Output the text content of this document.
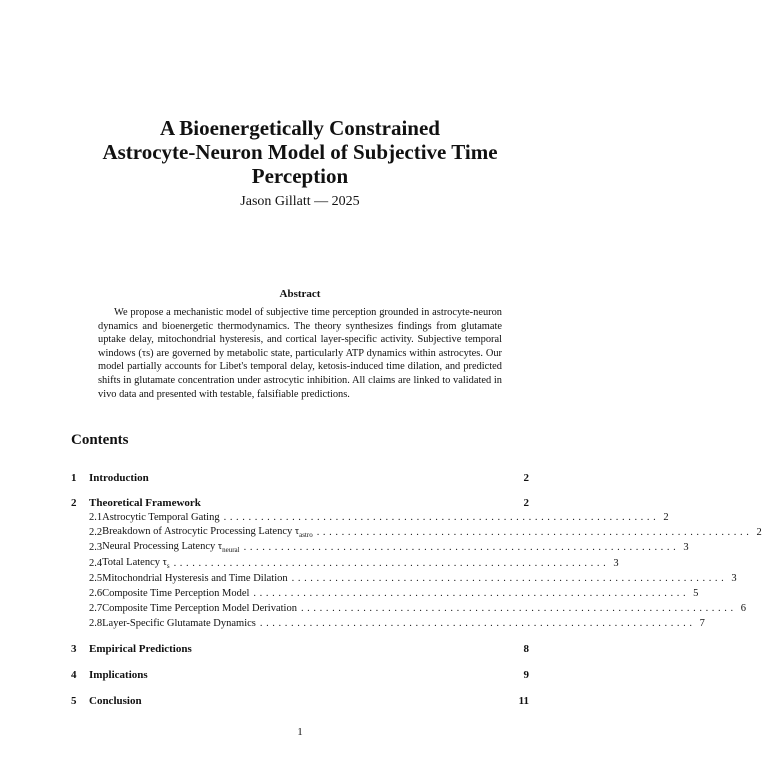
A Bioenergetically Constrained
Astrocyte-Neuron Model of Subjective Time
Perception
Jason Gillatt — 2025
Abstract
We propose a mechanistic model of subjective time perception grounded in astrocyte-neuron dynamics and bioenergetic thermodynamics. The theory synthesizes findings from glutamate uptake delay, mitochondrial hysteresis, and cortical layer-specific activity. Subjective temporal windows (τs) are governed by metabolic state, particularly ATP dynamics within astrocytes. Our model partially accounts for Libet's temporal delay, ketosis-induced time dilation, and predicted shifts in glutamate concentration under astrocytic inhibition. All claims are linked to validated in vivo data and presented with testable, falsifiable predictions.
Contents
1	Introduction	2
2	Theoretical Framework	2
2.1 Astrocytic Temporal Gating ...................................................................... 2
2.2 Breakdown of Astrocytic Processing Latency $\tau_{astro}$ ...................................................................... 2
2.3 Neural Processing Latency $\tau_{neural}$ ...................................................................... 3
2.4 Total Latency $\tau_s$ ...................................................................... 3
2.5 Mitochondrial Hysteresis and Time Dilation ...................................................................... 3
2.6 Composite Time Perception Model ...................................................................... 5
2.7 Composite Time Perception Model Derivation ...................................................................... 6
2.8 Layer-Specific Glutamate Dynamics ...................................................................... 7
3	Empirical Predictions	8
4	Implications	9
5	Conclusion	11
1
